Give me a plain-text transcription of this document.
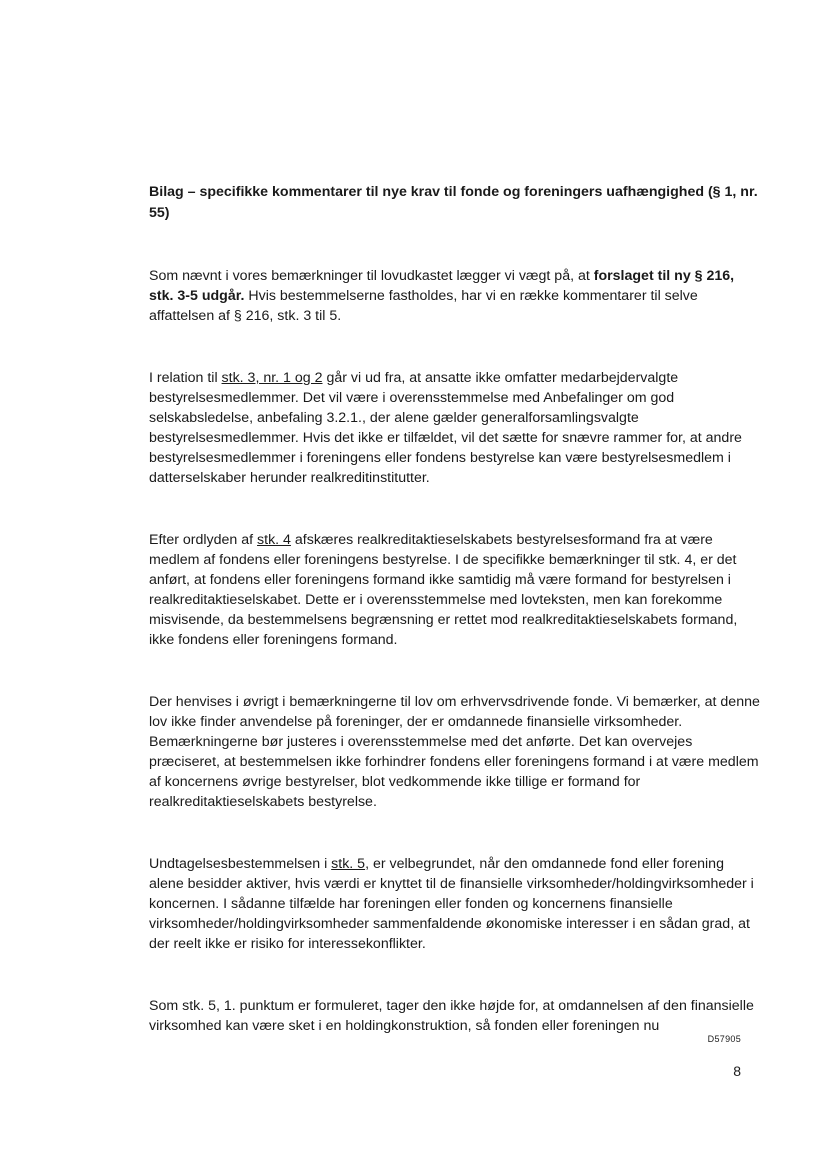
Bilag – specifikke kommentarer til nye krav til fonde og foreningers uafhængighed (§ 1, nr. 55)

Som nævnt i vores bemærkninger til lovudkastet lægger vi vægt på, at forslaget til ny § 216, stk. 3-5 udgår. Hvis bestemmelserne fastholdes, har vi en række kommentarer til selve affattelsen af § 216, stk. 3 til 5.

I relation til stk. 3, nr. 1 og 2 går vi ud fra, at ansatte ikke omfatter medarbejdervalgte bestyrelsesmedlemmer. Det vil være i overensstemmelse med Anbefalinger om god selskabsledelse, anbefaling 3.2.1., der alene gælder generalforsamlingsvalgte bestyrelsesmedlemmer. Hvis det ikke er tilfældet, vil det sætte for snævre rammer for, at andre bestyrelsesmedlemmer i foreningens eller fondens bestyrelse kan være bestyrelsesmedlem i datterselskaber herunder realkreditinstitutter.

Efter ordlyden af stk. 4 afskæres realkreditaktieselskabets bestyrelsesformand fra at være medlem af fondens eller foreningens bestyrelse. I de specifikke bemærkninger til stk. 4, er det anført, at fondens eller foreningens formand ikke samtidig må være formand for bestyrelsen i realkreditaktieselskabet. Dette er i overensstemmelse med lovteksten, men kan forekomme misvisende, da bestemmelsens begrænsning er rettet mod realkreditaktieselskabets formand, ikke fondens eller foreningens formand.

Der henvises i øvrigt i bemærkningerne til lov om erhvervsdrivende fonde. Vi bemærker, at denne lov ikke finder anvendelse på foreninger, der er omdannede finansielle virksomheder. Bemærkningerne bør justeres i overensstemmelse med det anførte. Det kan overvejes præciseret, at bestemmelsen ikke forhindrer fondens eller foreningens formand i at være medlem af koncernens øvrige bestyrelser, blot vedkommende ikke tillige er formand for realkreditaktieselskabets bestyrelse.

Undtagelsesbestemmelsen i stk. 5, er velbegrundet, når den omdannede fond eller forening alene besidder aktiver, hvis værdi er knyttet til de finansielle virksomheder/holdingvirksomheder i koncernen. I sådanne tilfælde har foreningen eller fonden og koncernens finansielle virksomheder/holdingvirksomheder sammenfaldende økonomiske interesser i en sådan grad, at der reelt ikke er risiko for interessekonflikter.

Som stk. 5, 1. punktum er formuleret, tager den ikke højde for, at omdannelsen af den finansielle virksomhed kan være sket i en holdingkonstruktion, så fonden eller foreningen nu

D57905
8
